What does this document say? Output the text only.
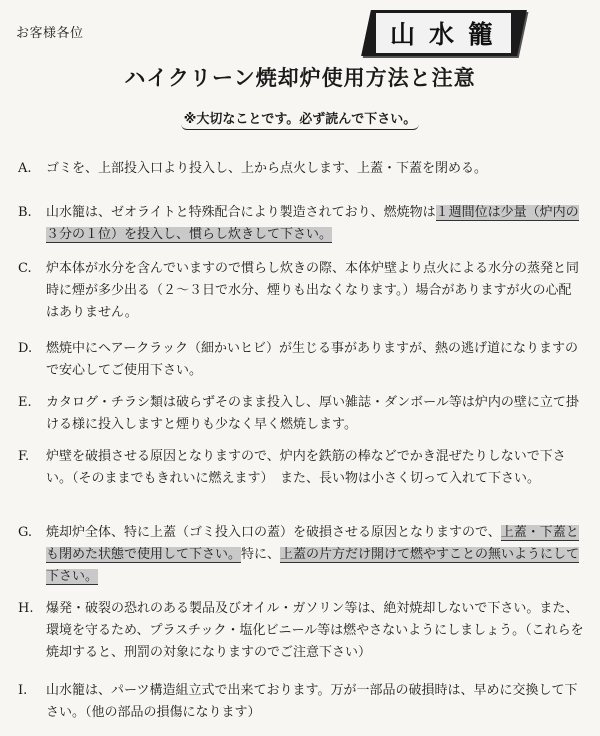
お客様各位	山水籠
ハイクリーン焼却炉使用方法と注意
※大切なことです。必ず読んで下さい。
A.	ゴミを、上部投入口より投入し、上から点火します、上蓋・下蓋を閉める。
B.	山水籠は、ゼオライトと特殊配合により製造されており、燃焼物は１週間位は少量（炉内の３分の１位）を投入し、慣らし炊きして下さい。
C.	炉本体が水分を含んでいますので慣らし炊きの際、本体炉壁より点火による水分の蒸発と同時に煙が多少出る（２～３日で水分、煙りも出なくなります。）場合がありますが火の心配はありません。
D.	燃焼中にヘアークラック（細かいヒビ）が生じる事がありますが、熱の逃げ道になりますので安心してご使用下さい。
E.	カタログ・チラシ類は破らずそのまま投入し、厚い雑誌・ダンボール等は炉内の壁に立て掛ける様に投入しますと煙りも少なく早く燃焼します。
F.	炉壁を破損させる原因となりますので、炉内を鉄筋の棒などでかき混ぜたりしないで下さい。（そのままでもきれいに燃えます）　また、長い物は小さく切って入れて下さい。
G.	焼却炉全体、特に上蓋（ゴミ投入口の蓋）を破損させる原因となりますので、上蓋・下蓋とも閉めた状態で使用して下さい。特に、上蓋の片方だけ開けて燃やすことの無いようにして下さい。
H. 爆発・破裂の恐れのある製品及びオイル・ガソリン等は、絶対焼却しないで下さい。また、環境を守るため、プラスチック・塩化ビニール等は燃やさないようにしましょう。（これらを焼却すると、刑罰の対象になりますのでご注意下さい）
I.	山水籠は、パーツ構造組立式で出来ております。万が一部品の破損時は、早めに交換して下さい。（他の部品の損傷になります）
